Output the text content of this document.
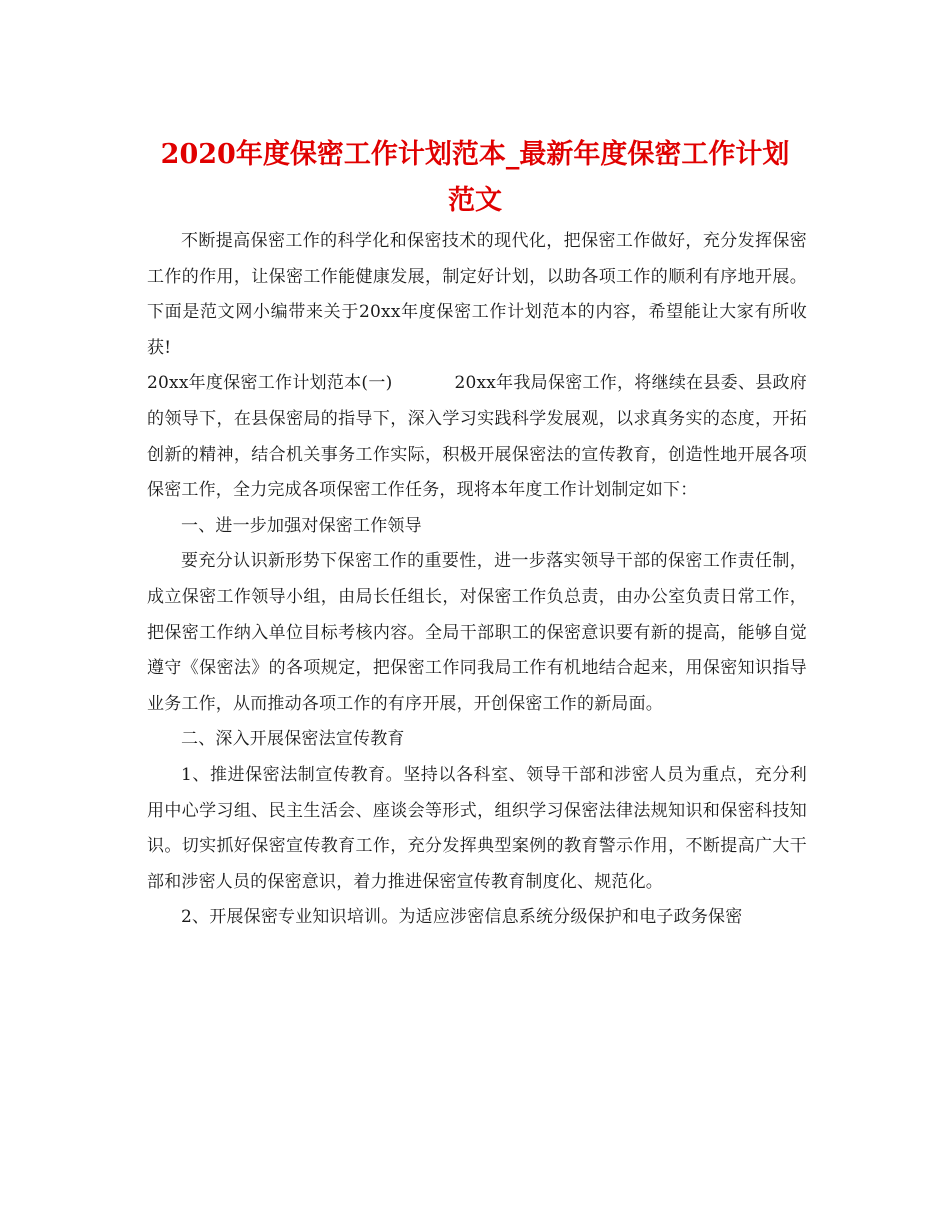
2020年度保密工作计划范本_最新年度保密工作计划
范文

不断提高保密工作的科学化和保密技术的现代化，把保密工作做好，充分发挥保密工作的作用，让保密工作能健康发展，制定好计划，以助各项工作的顺利有序地开展。下面是范文网小编带来关于20xx年度保密工作计划范本的内容，希望能让大家有所收获!

20xx年度保密工作计划范本(一)	20xx年我局保密工作，将继续在县委、县政府的领导下，在县保密局的指导下，深入学习实践科学发展观，以求真务实的态度，开拓创新的精神，结合机关事务工作实际，积极开展保密法的宣传教育，创造性地开展各项保密工作，全力完成各项保密工作任务，现将本年度工作计划制定如下：

一、进一步加强对保密工作领导

要充分认识新形势下保密工作的重要性，进一步落实领导干部的保密工作责任制，成立保密工作领导小组，由局长任组长，对保密工作负总责，由办公室负责日常工作，把保密工作纳入单位目标考核内容。全局干部职工的保密意识要有新的提高，能够自觉遵守《保密法》的各项规定，把保密工作同我局工作有机地结合起来，用保密知识指导业务工作，从而推动各项工作的有序开展，开创保密工作的新局面。

二、深入开展保密法宣传教育

1、推进保密法制宣传教育。坚持以各科室、领导干部和涉密人员为重点，充分利用中心学习组、民主生活会、座谈会等形式，组织学习保密法律法规知识和保密科技知识。切实抓好保密宣传教育工作，充分发挥典型案例的教育警示作用，不断提高广大干部和涉密人员的保密意识，着力推进保密宣传教育制度化、规范化。

2、开展保密专业知识培训。为适应涉密信息系统分级保护和电子政务保密
